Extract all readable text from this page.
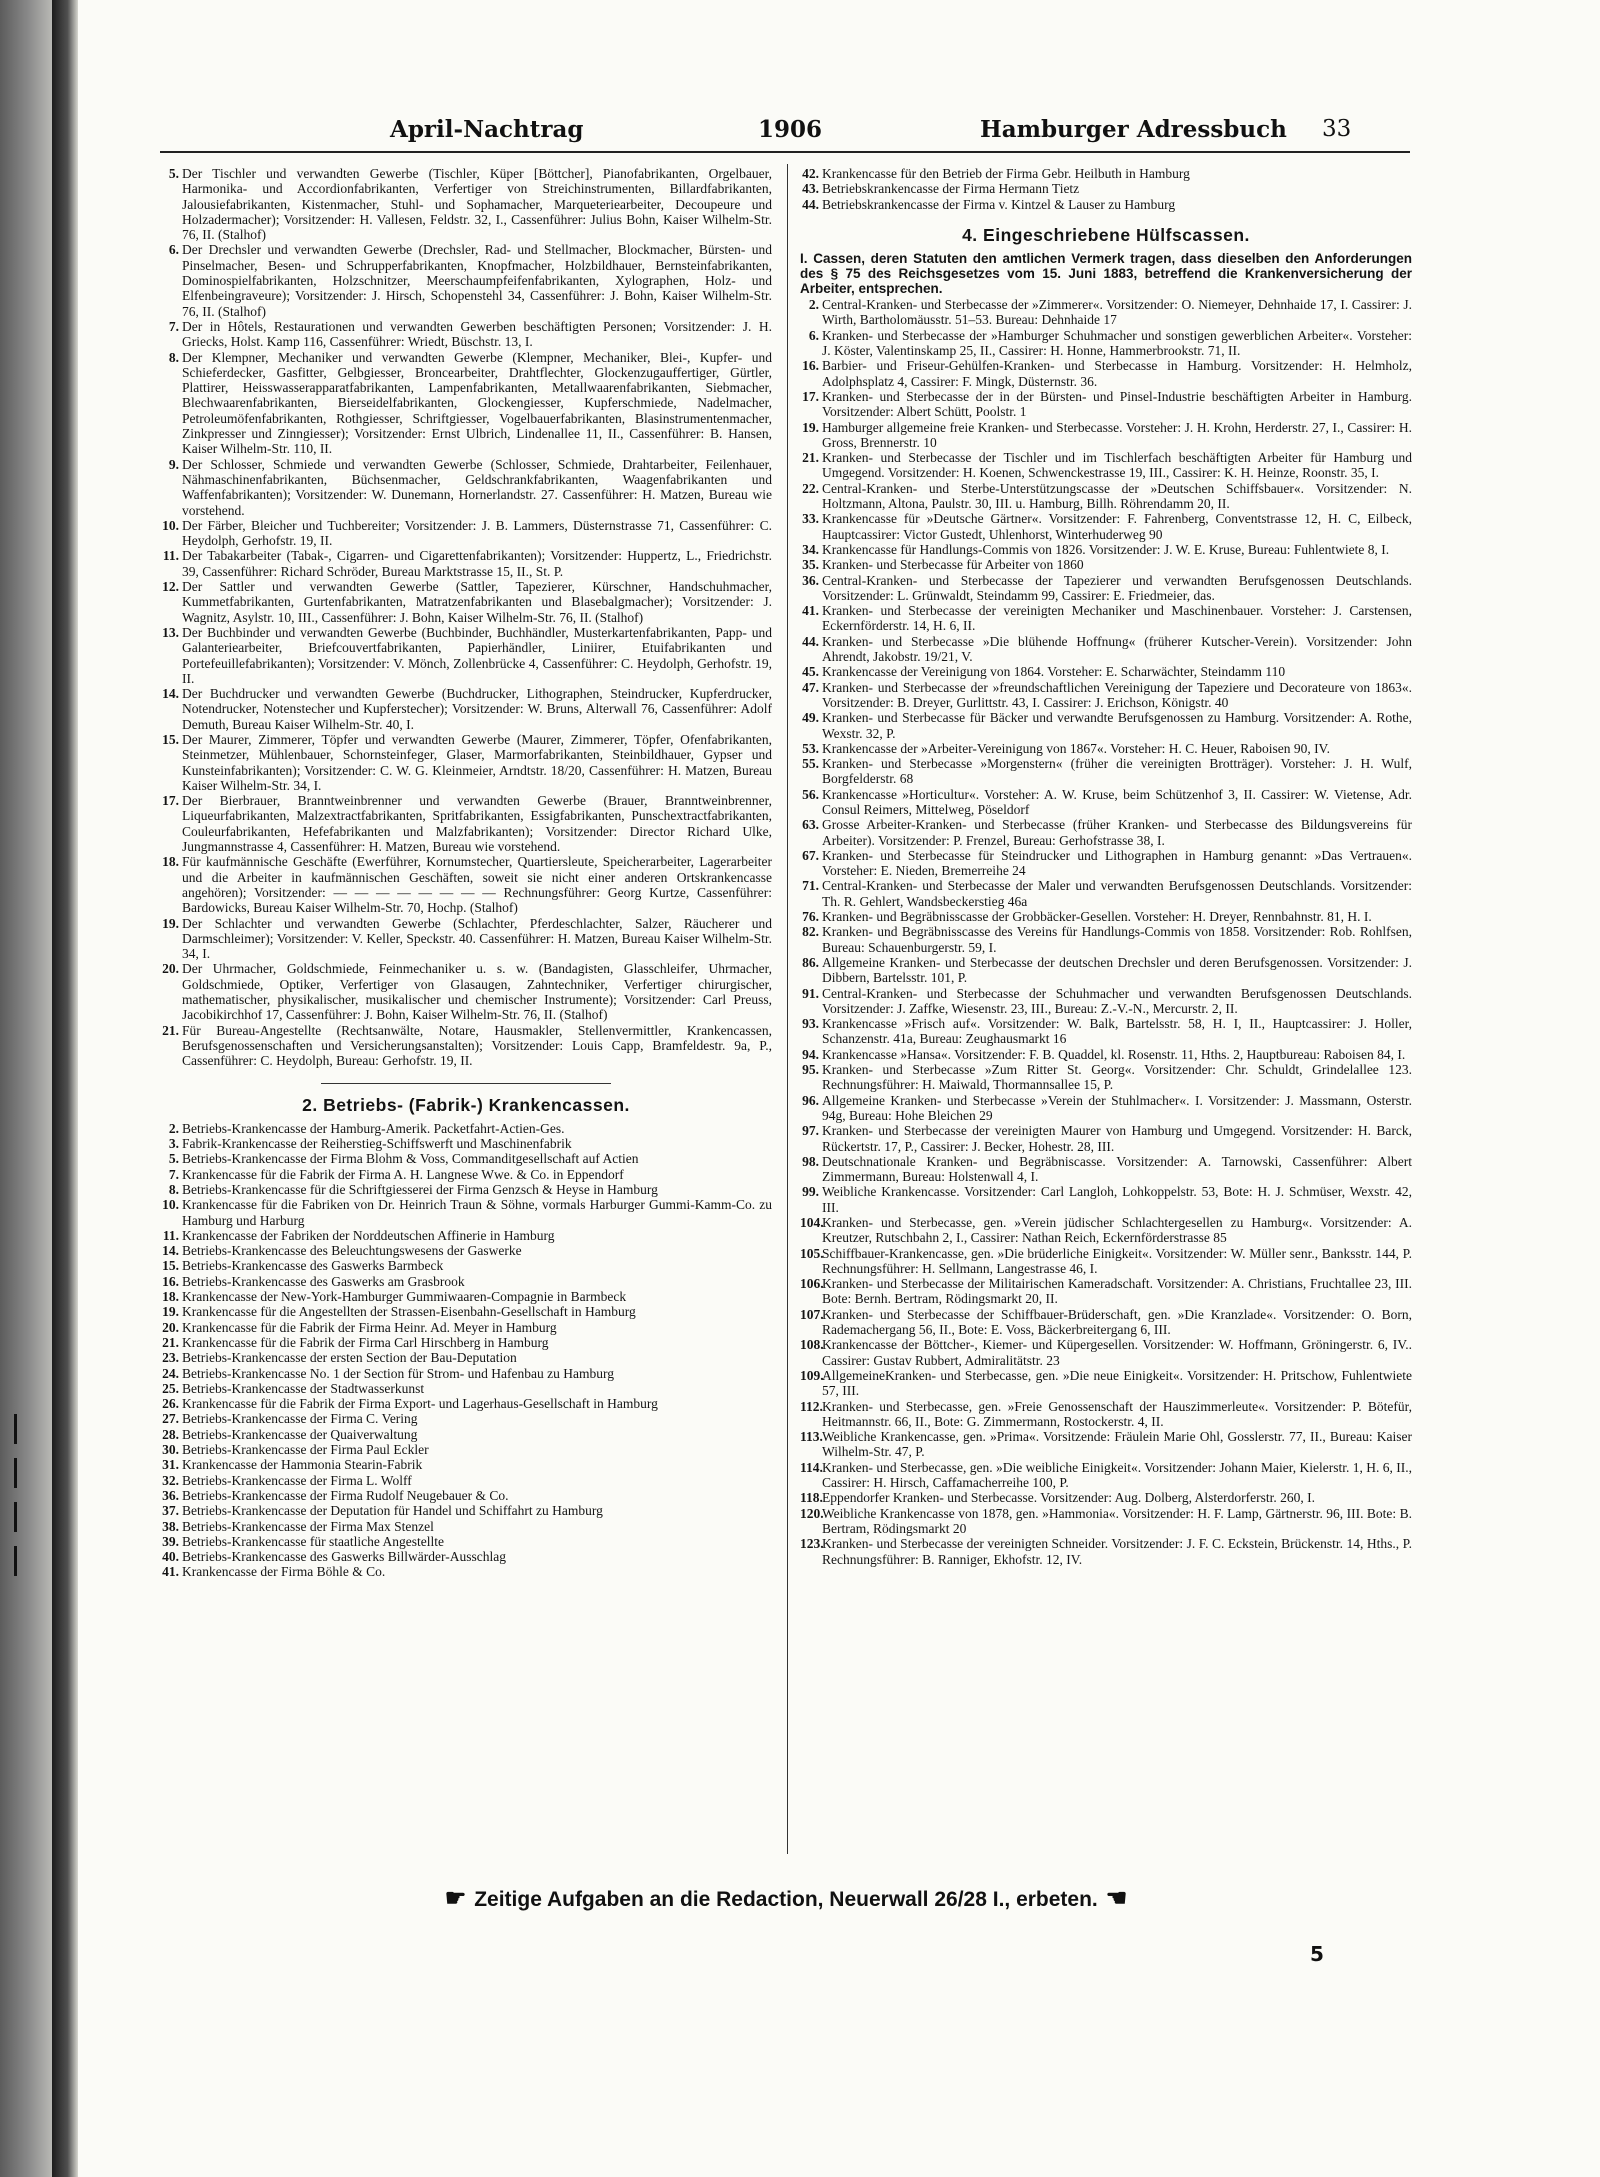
April-Nachtrag	1906	Hamburger Adressbuch 33
5. Der Tischler und verwandten Gewerbe (Tischler, Küper [Böttcher], Pianofabrikanten, Orgelbauer, Harmonika- und Accordionfabrikanten, Verfertiger von Streichinstrumenten, Billardfabrikanten, Jalousiefabrikanten, Kistenmacher, Stuhl- und Sophamacher, Marqueteriearbeiter, Decoupeure und Holzadermacher); Vorsitzender: H. Vallesen, Feldstr. 32, I., Cassenführer: Julius Bohn, Kaiser Wilhelm-Str. 76, II. (Stalhof)
6. Der Drechsler und verwandten Gewerbe (Drechsler, Rad- und Stellmacher, Blockmacher, Bürsten- und Pinselmacher, Besen- und Schrupperfabrikanten, Knopfmacher, Holzbildhauer, Bernsteinfabrikanten, Dominospielfabrikanten, Holzschnitzer, Meerschaumpfeifenfabrikanten, Xylographen, Holz- und Elfenbeingraveure); Vorsitzender: J. Hirsch, Schopenstehl 34, Cassenführer: J. Bohn, Kaiser Wilhelm-Str. 76, II. (Stalhof)
7. Der in Hôtels, Restaurationen und verwandten Gewerben beschäftigten Personen; Vorsitzender: J. H. Griecks, Holst. Kamp 116, Cassenführer: Wriedt, Büschstr. 13, I.
8. Der Klempner, Mechaniker und verwandten Gewerbe (Klempner, Mechaniker, Blei-, Kupfer- und Schieferdecker, Gasfitter, Gelbgiesser, Broncearbeiter, Drahtflechter, Glockenzugauffertiger, Gürtler, Plattirer, Heisswasserapparatfabrikanten, Lampenfabrikanten, Metallwaarenfabrikanten, Siebmacher, Blechwaarenfabrikanten, Bierseidelfabrikanten, Glockengiesser, Kupferschmiede, Nadelmacher, Petroleumöfenfabrikanten, Rothgiesser, Schriftgiesser, Vogelbauerfabrikanten, Blasinstrumentenmacher, Zinkpresser und Zinngiesser); Vorsitzender: Ernst Ulbrich, Lindenallee 11, II., Cassenführer: B. Hansen, Kaiser Wilhelm-Str. 110, II.
9. Der Schlosser, Schmiede und verwandten Gewerbe (Schlosser, Schmiede, Drahtarbeiter, Feilenhauer, Nähmaschinenfabrikanten, Büchsenmacher, Geldschrankfabrikanten, Waagenfabrikanten und Waffenfabrikanten); Vorsitzender: W. Dunemann, Hornerlandstr. 27. Cassenführer: H. Matzen, Bureau wie vorstehend.
10. Der Färber, Bleicher und Tuchbereiter; Vorsitzender: J. B. Lammers, Düsternstrasse 71, Cassenführer: C. Heydolph, Gerhofstr. 19, II.
11. Der Tabakarbeiter (Tabak-, Cigarren- und Cigarettenfabrikanten); Vorsitzender: Huppertz, L., Friedrichstr. 39, Cassenführer: Richard Schröder, Bureau Marktstrasse 15, II., St. P.
12. Der Sattler und verwandten Gewerbe (Sattler, Tapezierer, Kürschner, Handschuhmacher, Kummetfabrikanten, Gurtenfabrikanten, Matratzenfabrikanten und Blasebalgmacher); Vorsitzender: J. Wagnitz, Asylstr. 10, III., Cassenführer: J. Bohn, Kaiser Wilhelm-Str. 76, II. (Stalhof)
13. Der Buchbinder und verwandten Gewerbe (Buchbinder, Buchhändler, Musterkartenfabrikanten, Papp- und Galanteriearbeiter, Briefcouvertfabrikanten, Papierhändler, Liniirer, Etuifabrikanten und Portefeuillefabrikanten); Vorsitzender: V. Mönch, Zollenbrücke 4, Cassenführer: C. Heydolph, Gerhofstr. 19, II.
14. Der Buchdrucker und verwandten Gewerbe (Buchdrucker, Lithographen, Steindrucker, Kupferdrucker, Notendrucker, Notenstecher und Kupferstecher); Vorsitzender: W. Bruns, Alterwall 76, Cassenführer: Adolf Demuth, Bureau Kaiser Wilhelm-Str. 40, I.
15. Der Maurer, Zimmerer, Töpfer und verwandten Gewerbe (Maurer, Zimmerer, Töpfer, Ofenfabrikanten, Steinmetzer, Mühlenbauer, Schornsteinfeger, Glaser, Marmorfabrikanten, Steinbildhauer, Gypser und Kunsteinfabrikanten); Vorsitzender: C. W. G. Kleinmeier, Arndtstr. 18/20, Cassenführer: H. Matzen, Bureau Kaiser Wilhelm-Str. 34, I.
17. Der Bierbrauer, Branntweinbrenner und verwandten Gewerbe (Brauer, Branntweinbrenner, Liqueurfabrikanten, Malzextractfabrikanten, Spritfabrikanten, Essigfabrikanten, Punschextractfabrikanten, Couleurfabrikanten, Hefefabrikanten und Malzfabrikanten); Vorsitzender: Director Richard Ulke, Jungmannstrasse 4, Cassenführer: H. Matzen, Bureau wie vorstehend.
18. Für kaufmännische Geschäfte (Ewerführer, Kornumstecher, Quartiersleute, Speicherarbeiter, Lagerarbeiter und die Arbeiter in kaufmännischen Geschäften, soweit sie nicht einer anderen Ortskrankencasse angehören); Vorsitzender: — — — — — — — — Rechnungsführer: Georg Kurtze, Cassenführer: Bardowicks, Bureau Kaiser Wilhelm-Str. 70, Hochp. (Stalhof)
19. Der Schlachter und verwandten Gewerbe (Schlachter, Pferdeschlachter, Salzer, Räucherer und Darmschleimer); Vorsitzender: V. Keller, Speckstr. 40. Cassenführer: H. Matzen, Bureau Kaiser Wilhelm-Str. 34, I.
20. Der Uhrmacher, Goldschmiede, Feinmechaniker u. s. w. (Bandagisten, Glasschleifer, Uhrmacher, Goldschmiede, Optiker, Verfertiger von Glasaugen, Zahntechniker, Verfertiger chirurgischer, mathematischer, physikalischer, musikalischer und chemischer Instrumente); Vorsitzender: Carl Preuss, Jacobikirchhof 17, Cassenführer: J. Bohn, Kaiser Wilhelm-Str. 76, II. (Stalhof)
21. Für Bureau-Angestellte (Rechtsanwälte, Notare, Hausmakler, Stellenvermittler, Krankencassen, Berufsgenossenschaften und Versicherungsanstalten); Vorsitzender: Louis Capp, Bramfeldestr. 9a, P., Cassenführer: C. Heydolph, Bureau: Gerhofstr. 19, II.
2. Betriebs- (Fabrik-) Krankencassen.
2. Betriebs-Krankencasse der Hamburg-Amerik. Packetfahrt-Actien-Ges.
3. Fabrik-Krankencasse der Reiherstieg-Schiffswerft und Maschinenfabrik
5. Betriebs-Krankencasse der Firma Blohm & Voss, Commanditgesellschaft auf Actien
7. Krankencasse für die Fabrik der Firma A. H. Langnese Wwe. & Co. in Eppendorf
8. Betriebs-Krankencasse für die Schriftgiesserei der Firma Genzsch & Heyse in Hamburg
10. Krankencasse für die Fabriken von Dr. Heinrich Traun & Söhne, vormals Harburger Gummi-Kamm-Co. zu Hamburg und Harburg
11. Krankencasse der Fabriken der Norddeutschen Affinerie in Hamburg
14. Betriebs-Krankencasse des Beleuchtungswesens der Gaswerke
15. Betriebs-Krankencasse des Gaswerks Barmbeck
16. Betriebs-Krankencasse des Gaswerks am Grasbrook
18. Krankencasse der New-York-Hamburger Gummiwaaren-Compagnie in Barmbeck
19. Krankencasse für die Angestellten der Strassen-Eisenbahn-Gesellschaft in Hamburg
20. Krankencasse für die Fabrik der Firma Heinr. Ad. Meyer in Hamburg
21. Krankencasse für die Fabrik der Firma Carl Hirschberg in Hamburg
23. Betriebs-Krankencasse der ersten Section der Bau-Deputation
24. Betriebs-Krankencasse No. 1 der Section für Strom- und Hafenbau zu Hamburg
25. Betriebs-Krankencasse der Stadtwasserkunst
26. Krankencasse für die Fabrik der Firma Export- und Lagerhaus-Gesellschaft in Hamburg
27. Betriebs-Krankencasse der Firma C. Vering
28. Betriebs-Krankencasse der Quaiverwaltung
30. Betriebs-Krankencasse der Firma Paul Eckler
31. Krankencasse der Hammonia Stearin-Fabrik
32. Betriebs-Krankencasse der Firma L. Wolff
36. Betriebs-Krankencasse der Firma Rudolf Neugebauer & Co.
37. Betriebs-Krankencasse der Deputation für Handel und Schiffahrt zu Hamburg
38. Betriebs-Krankencasse der Firma Max Stenzel
39. Betriebs-Krankencasse für staatliche Angestellte
40. Betriebs-Krankencasse des Gaswerks Billwärder-Ausschlag
41. Krankencasse der Firma Böhle & Co.
42. Krankencasse für den Betrieb der Firma Gebr. Heilbuth in Hamburg
43. Betriebskrankencasse der Firma Hermann Tietz
44. Betriebskrankencasse der Firma v. Kintzel & Lauser zu Hamburg
4. Eingeschriebene Hülfscassen.
I. Cassen, deren Statuten den amtlichen Vermerk tragen, dass dieselben den Anforderungen des § 75 des Reichsgesetzes vom 15. Juni 1883, betreffend die Krankenversicherung der Arbeiter, entsprechen.
2. Central-Kranken- und Sterbecasse der »Zimmerer«. Vorsitzender: O. Niemeyer, Dehnhaide 17, I. Cassirer: J. Wirth, Bartholomäusstr. 51–53. Bureau: Dehnhaide 17
6. Kranken- und Sterbecasse der »Hamburger Schuhmacher und sonstigen gewerblichen Arbeiter«. Vorsteher: J. Köster, Valentinskamp 25, II., Cassirer: H. Honne, Hammerbrookstr. 71, II.
16. Barbier- und Friseur-Gehülfen-Kranken- und Sterbecasse in Hamburg. Vorsitzender: H. Helmholz, Adolphsplatz 4, Cassirer: F. Mingk, Düsternstr. 36.
17. Kranken- und Sterbecasse der in der Bürsten- und Pinsel-Industrie beschäftigten Arbeiter in Hamburg. Vorsitzender: Albert Schütt, Poolstr. 1
19. Hamburger allgemeine freie Kranken- und Sterbecasse. Vorsteher: J. H. Krohn, Herderstr. 27, I., Cassirer: H. Gross, Brennerstr. 10
21. Kranken- und Sterbecasse der Tischler und im Tischlerfach beschäftigten Arbeiter für Hamburg und Umgegend. Vorsitzender: H. Koenen, Schwenckestrasse 19, III., Cassirer: K. H. Heinze, Roonstr. 35, I.
22. Central-Kranken- und Sterbe-Unterstützungscasse der »Deutschen Schiffsbauer«. Vorsitzender: N. Holtzmann, Altona, Paulstr. 30, III. u. Hamburg, Billh. Röhrendamm 20, II.
33. Krankencasse für »Deutsche Gärtner«. Vorsitzender: F. Fahrenberg, Conventstrasse 12, H. C, Eilbeck, Hauptcassirer: Victor Gustedt, Uhlenhorst, Winterhuderweg 90
34. Krankencasse für Handlungs-Commis von 1826. Vorsitzender: J. W. E. Kruse, Bureau: Fuhlentwiete 8, I.
35. Kranken- und Sterbecasse für Arbeiter von 1860
36. Central-Kranken- und Sterbecasse der Tapezierer und verwandten Berufsgenossen Deutschlands. Vorsitzender: L. Grünwaldt, Steindamm 99, Cassirer: E. Friedmeier, das.
41. Kranken- und Sterbecasse der vereinigten Mechaniker und Maschinenbauer. Vorsteher: J. Carstensen, Eckernförderstr. 14, H. 6, II.
44. Kranken- und Sterbecasse »Die blühende Hoffnung« (früherer Kutscher-Verein). Vorsitzender: John Ahrendt, Jakobstr. 19/21, V.
45. Krankencasse der Vereinigung von 1864. Vorsteher: E. Scharwächter, Steindamm 110
47. Kranken- und Sterbecasse der »freundschaftlichen Vereinigung der Tapeziere und Decorateure von 1863«. Vorsitzender: B. Dreyer, Gurlittstr. 43, I. Cassirer: J. Erichson, Königstr. 40
49. Kranken- und Sterbecasse für Bäcker und verwandte Berufsgenossen zu Hamburg. Vorsitzender: A. Rothe, Wexstr. 32, P.
53. Krankencasse der »Arbeiter-Vereinigung von 1867«. Vorsteher: H. C. Heuer, Raboisen 90, IV.
55. Kranken- und Sterbecasse »Morgenstern« (früher die vereinigten Brotträger). Vorsteher: J. H. Wulf, Borgfelderstr. 68
56. Krankencasse »Horticultur«. Vorsteher: A. W. Kruse, beim Schützenhof 3, II. Cassirer: W. Vietense, Adr. Consul Reimers, Mittelweg, Pöseldorf
63. Grosse Arbeiter-Kranken- und Sterbecasse (früher Kranken- und Sterbecasse des Bildungsvereins für Arbeiter). Vorsitzender: P. Frenzel, Bureau: Gerhofstrasse 38, I.
67. Kranken- und Sterbecasse für Steindrucker und Lithographen in Hamburg genannt: »Das Vertrauen«. Vorsteher: E. Nieden, Bremerreihe 24
71. Central-Kranken- und Sterbecasse der Maler und verwandten Berufsgenossen Deutschlands. Vorsitzender: Th. R. Gehlert, Wandsbeckerstieg 46a
76. Kranken- und Begräbnisscasse der Grobbäcker-Gesellen. Vorsteher: H. Dreyer, Rennbahnstr. 81, H. I.
82. Kranken- und Begräbnisscasse des Vereins für Handlungs-Commis von 1858. Vorsitzender: Rob. Rohlfsen, Bureau: Schauenburgerstr. 59, I.
86. Allgemeine Kranken- und Sterbecasse der deutschen Drechsler und deren Berufsgenossen. Vorsitzender: J. Dibbern, Bartelsstr. 101, P.
91. Central-Kranken- und Sterbecasse der Schuhmacher und verwandten Berufsgenossen Deutschlands. Vorsitzender: J. Zaffke, Wiesenstr. 23, III., Bureau: Z.-V.-N., Mercurstr. 2, II.
93. Krankencasse »Frisch auf«. Vorsitzender: W. Balk, Bartelsstr. 58, H. I, II., Hauptcassirer: J. Holler, Schanzenstr. 41a, Bureau: Zeughausmarkt 16
94. Krankencasse »Hansa«. Vorsitzender: F. B. Quaddel, kl. Rosenstr. 11, Hths. 2, Hauptbureau: Raboisen 84, I.
95. Kranken- und Sterbecasse »Zum Ritter St. Georg«. Vorsitzender: Chr. Schuldt, Grindelallee 123. Rechnungsführer: H. Maiwald, Thormannsallee 15, P.
96. Allgemeine Kranken- und Sterbecasse »Verein der Stuhlmacher«. I. Vorsitzender: J. Massmann, Osterstr. 94g, Bureau: Hohe Bleichen 29
97. Kranken- und Sterbecasse der vereinigten Maurer von Hamburg und Umgegend. Vorsitzender: H. Barck, Rückertstr. 17, P., Cassirer: J. Becker, Hohestr. 28, III.
98. Deutschnationale Kranken- und Begräbniscasse. Vorsitzender: A. Tarnowski, Cassenführer: Albert Zimmermann, Bureau: Holstenwall 4, I.
99. Weibliche Krankencasse. Vorsitzender: Carl Langloh, Lohkoppelstr. 53, Bote: H. J. Schmüser, Wexstr. 42, III.
104.
Kranken- und Sterbecasse, gen. »Verein jüdischer Schlachtergesellen zu Hamburg«. Vorsitzender: A. Kreutzer, Rutschbahn 2, I., Cassirer: Nathan Reich, Eckernförderstrasse 85
105.
Schiffbauer-Krankencasse, gen. »Die brüderliche Einigkeit«. Vorsitzender: W. Müller senr., Banksstr. 144, P. Rechnungsführer: H. Sellmann, Langestrasse 46, I.
106.
Kranken- und Sterbecasse der Militairischen Kameradschaft. Vorsitzender: A. Christians, Fruchtallee 23, III. Bote: Bernh. Bertram, Rödingsmarkt 20, II.
107.
Kranken- und Sterbecasse der Schiffbauer-Brüderschaft, gen. »Die Kranzlade«. Vorsitzender: O. Born, Rademachergang 56, II., Bote: E. Voss, Bäckerbreitergang 6, III.
108.
Krankencasse der Böttcher-, Kiemer- und Küpergesellen. Vorsitzender: W. Hoffmann, Gröningerstr. 6, IV.. Cassirer: Gustav Rubbert, Admiralitätstr. 23
109.
AllgemeineKranken- und Sterbecasse, gen. »Die neue Einigkeit«. Vorsitzender: H. Pritschow, Fuhlentwiete 57, III.
112. Kranken- und Sterbecasse, gen. »Freie Genossenschaft der Hauszimmerleute«. Vorsitzender: P. Bötefür, Heitmannstr. 66, II., Bote: G. Zimmermann, Rostockerstr. 4, II.
113. Weibliche Krankencasse, gen. »Prima«. Vorsitzende: Fräulein Marie Ohl, Gosslerstr. 77, II., Bureau: Kaiser Wilhelm-Str. 47, P.
114. Kranken- und Sterbecasse, gen. »Die weibliche Einigkeit«. Vorsitzender: Johann Maier, Kielerstr. 1, H. 6, II., Cassirer: H. Hirsch, Caffamacherreihe 100, P.
118. Eppendorfer Kranken- und Sterbecasse. Vorsitzender: Aug. Dolberg, Alsterdorferstr. 260, I.
120.
Weibliche Krankencasse von 1878, gen. »Hammonia«. Vorsitzender: H. F. Lamp, Gärtnerstr. 96, III. Bote: B. Bertram, Rödingsmarkt 20
123.
Kranken- und Sterbecasse der vereinigten Schneider. Vorsitzender: J. F. C. Eckstein, Brückenstr. 14, Hths., P. Rechnungsführer: B. Ranniger, Ekhofstr. 12, IV.
☛ Zeitige Aufgaben an die Redaction, Neuerwall 26/28 I., erbeten. ☚
5
